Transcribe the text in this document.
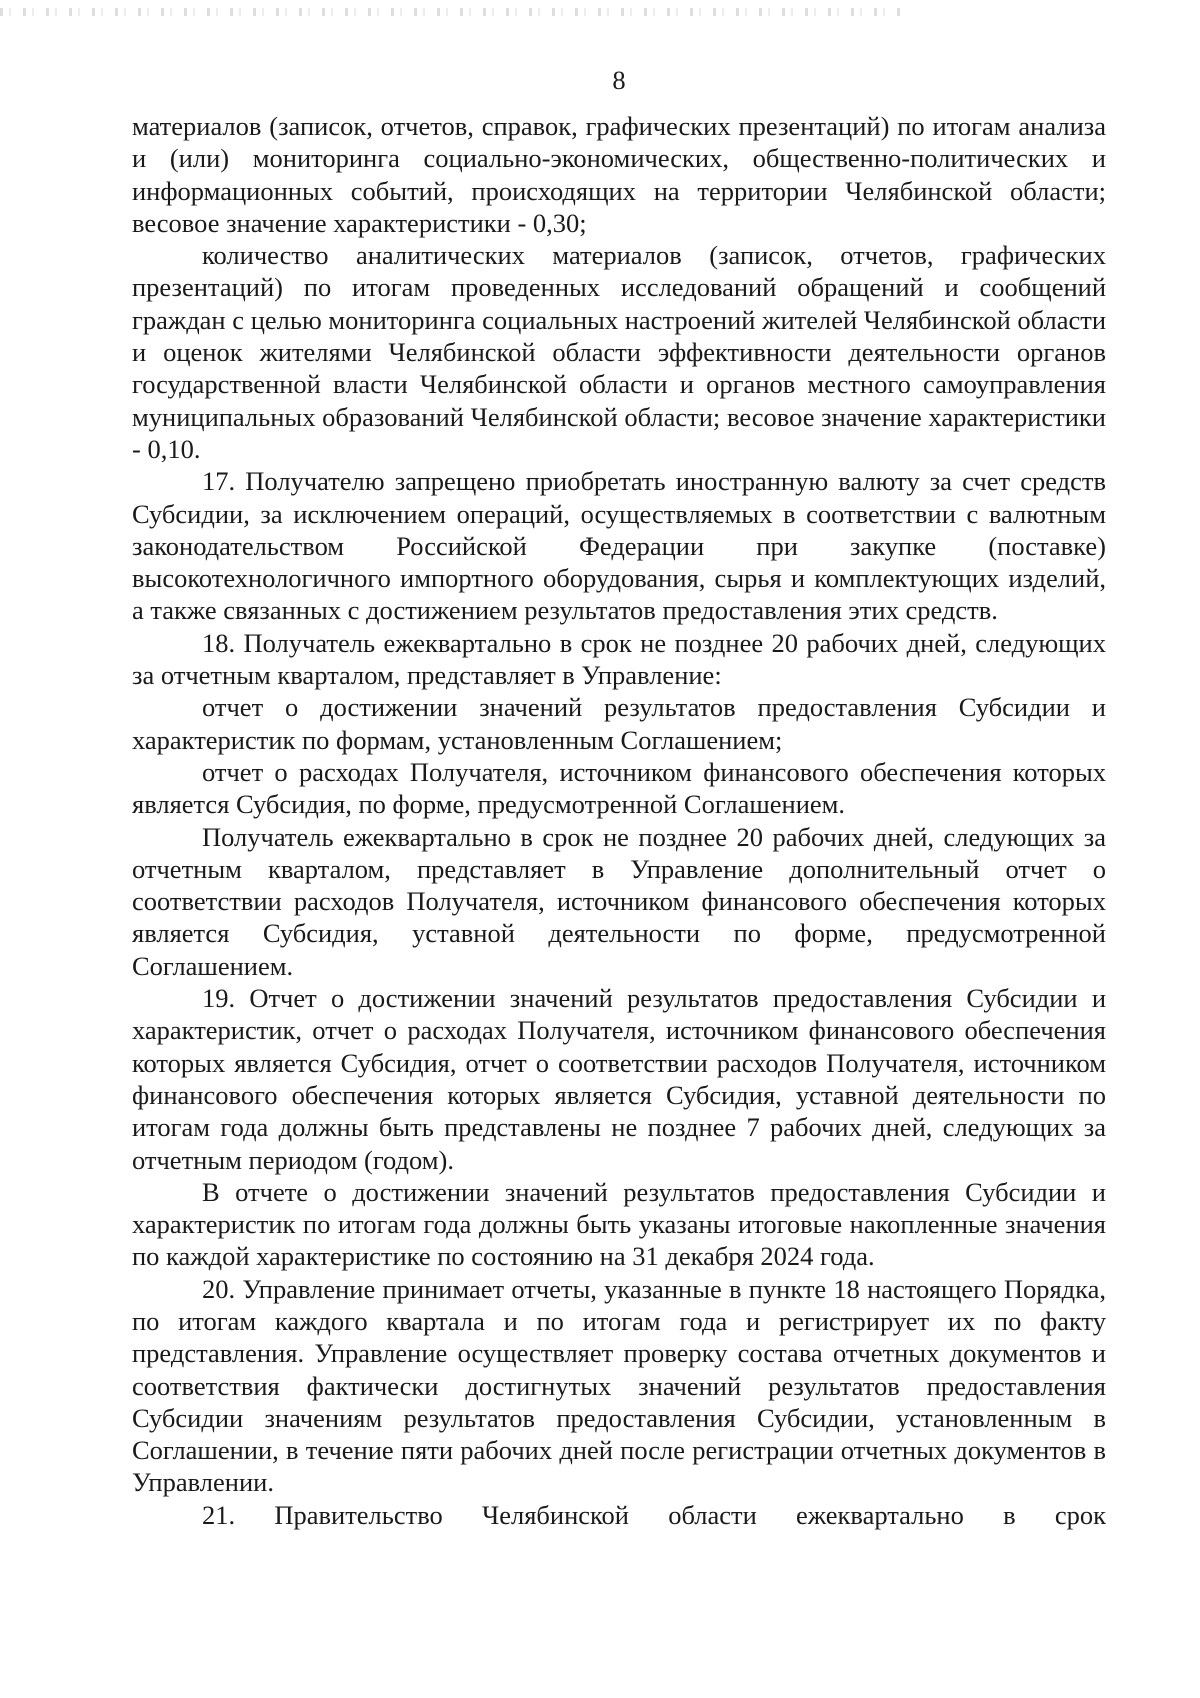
8

материалов (записок, отчетов, справок, графических презентаций) по итогам анализа и (или) мониторинга социально-экономических, общественно-политических и информационных событий, происходящих на территории Челябинской области; весовое значение характеристики - 0,30;

количество аналитических материалов (записок, отчетов, графических презентаций) по итогам проведенных исследований обращений и сообщений граждан с целью мониторинга социальных настроений жителей Челябинской области и оценок жителями Челябинской области эффективности деятельности органов государственной власти Челябинской области и органов местного самоуправления муниципальных образований Челябинской области; весовое значение характеристики - 0,10.

17. Получателю запрещено приобретать иностранную валюту за счет средств Субсидии, за исключением операций, осуществляемых в соответствии с валютным законодательством Российской Федерации при закупке (поставке) высокотехнологичного импортного оборудования, сырья и комплектующих изделий, а также связанных с достижением результатов предоставления этих средств.

18. Получатель ежеквартально в срок не позднее 20 рабочих дней, следующих за отчетным кварталом, представляет в Управление:

отчет о достижении значений результатов предоставления Субсидии и характеристик по формам, установленным Соглашением;

отчет о расходах Получателя, источником финансового обеспечения которых является Субсидия, по форме, предусмотренной Соглашением.

Получатель ежеквартально в срок не позднее 20 рабочих дней, следующих за отчетным кварталом, представляет в Управление дополнительный отчет о соответствии расходов Получателя, источником финансового обеспечения которых является Субсидия, уставной деятельности по форме, предусмотренной Соглашением.

19. Отчет о достижении значений результатов предоставления Субсидии и характеристик, отчет о расходах Получателя, источником финансового обеспечения которых является Субсидия, отчет о соответствии расходов Получателя, источником финансового обеспечения которых является Субсидия, уставной деятельности по итогам года должны быть представлены не позднее 7 рабочих дней, следующих за отчетным периодом (годом).

В отчете о достижении значений результатов предоставления Субсидии и характеристик по итогам года должны быть указаны итоговые накопленные значения по каждой характеристике по состоянию на 31 декабря 2024 года.

20. Управление принимает отчеты, указанные в пункте 18 настоящего Порядка, по итогам каждого квартала и по итогам года и регистрирует их по факту представления. Управление осуществляет проверку состава отчетных документов и соответствия фактически достигнутых значений результатов предоставления Субсидии значениям результатов предоставления Субсидии, установленным в Соглашении, в течение пяти рабочих дней после регистрации отчетных документов в Управлении.

21. Правительство Челябинской области ежеквартально в срок
